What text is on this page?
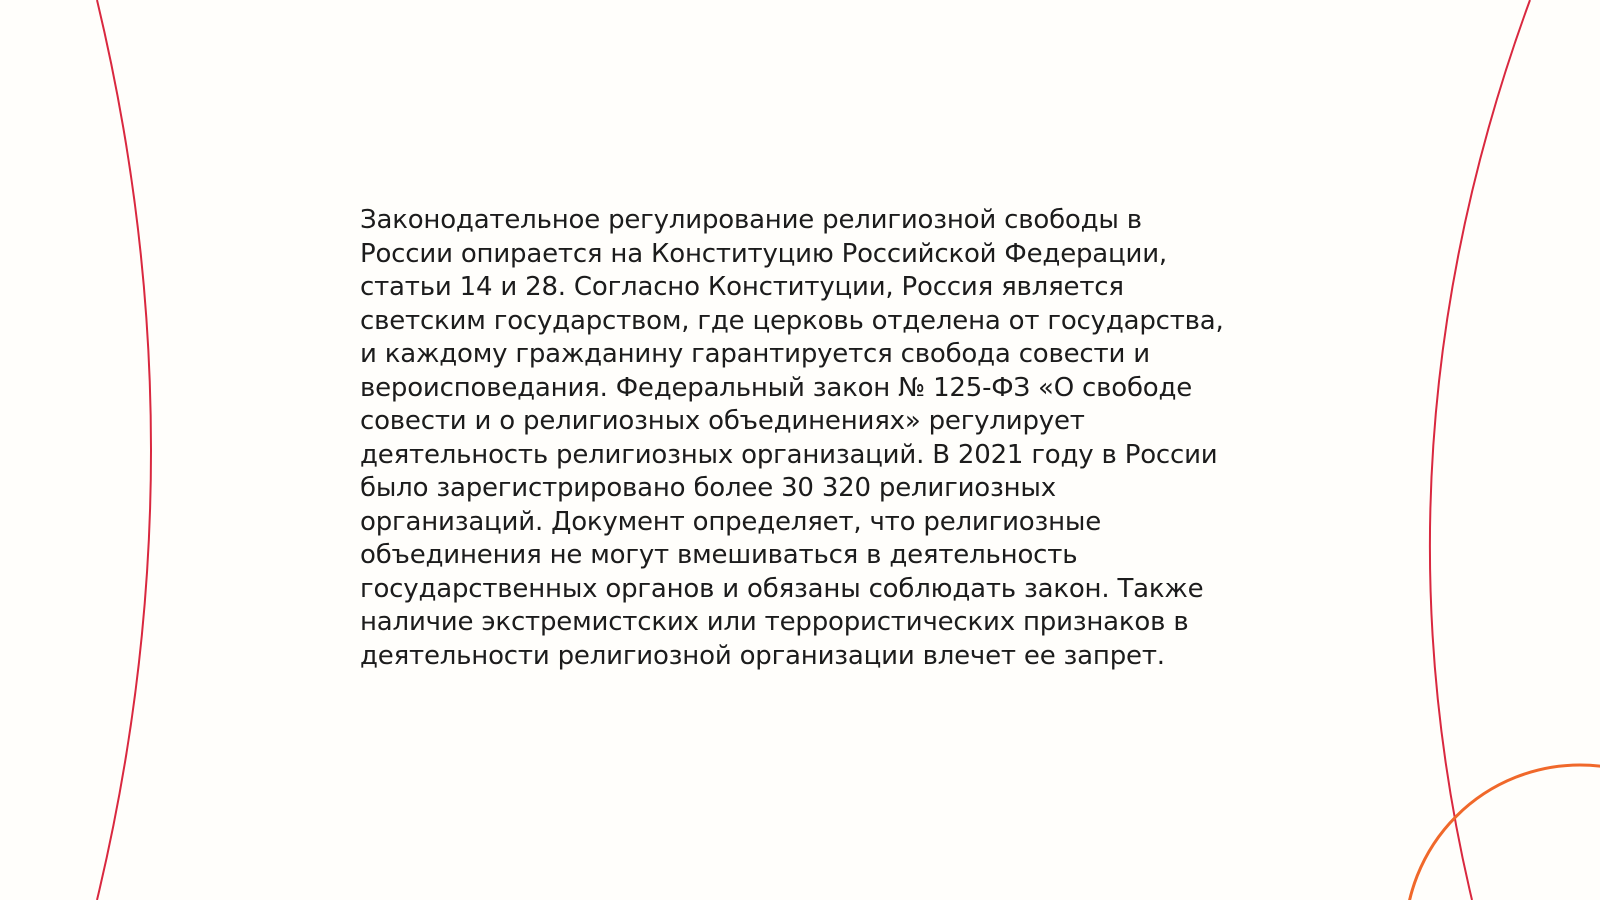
Законодательное регулирование религиозной свободы в России опирается на Конституцию Российской Федерации, статьи 14 и 28. Согласно Конституции, Россия является светским государством, где церковь отделена от государства, и каждому гражданину гарантируется свобода совести и вероисповедания. Федеральный закон № 125-ФЗ «О свободе совести и о религиозных объединениях» регулирует деятельность религиозных организаций. В 2021 году в России было зарегистрировано более 30 320 религиозных организаций. Документ определяет, что религиозные объединения не могут вмешиваться в деятельность государственных органов и обязаны соблюдать закон. Также наличие экстремистских или террористических признаков в деятельности религиозной организации влечет ее запрет.
